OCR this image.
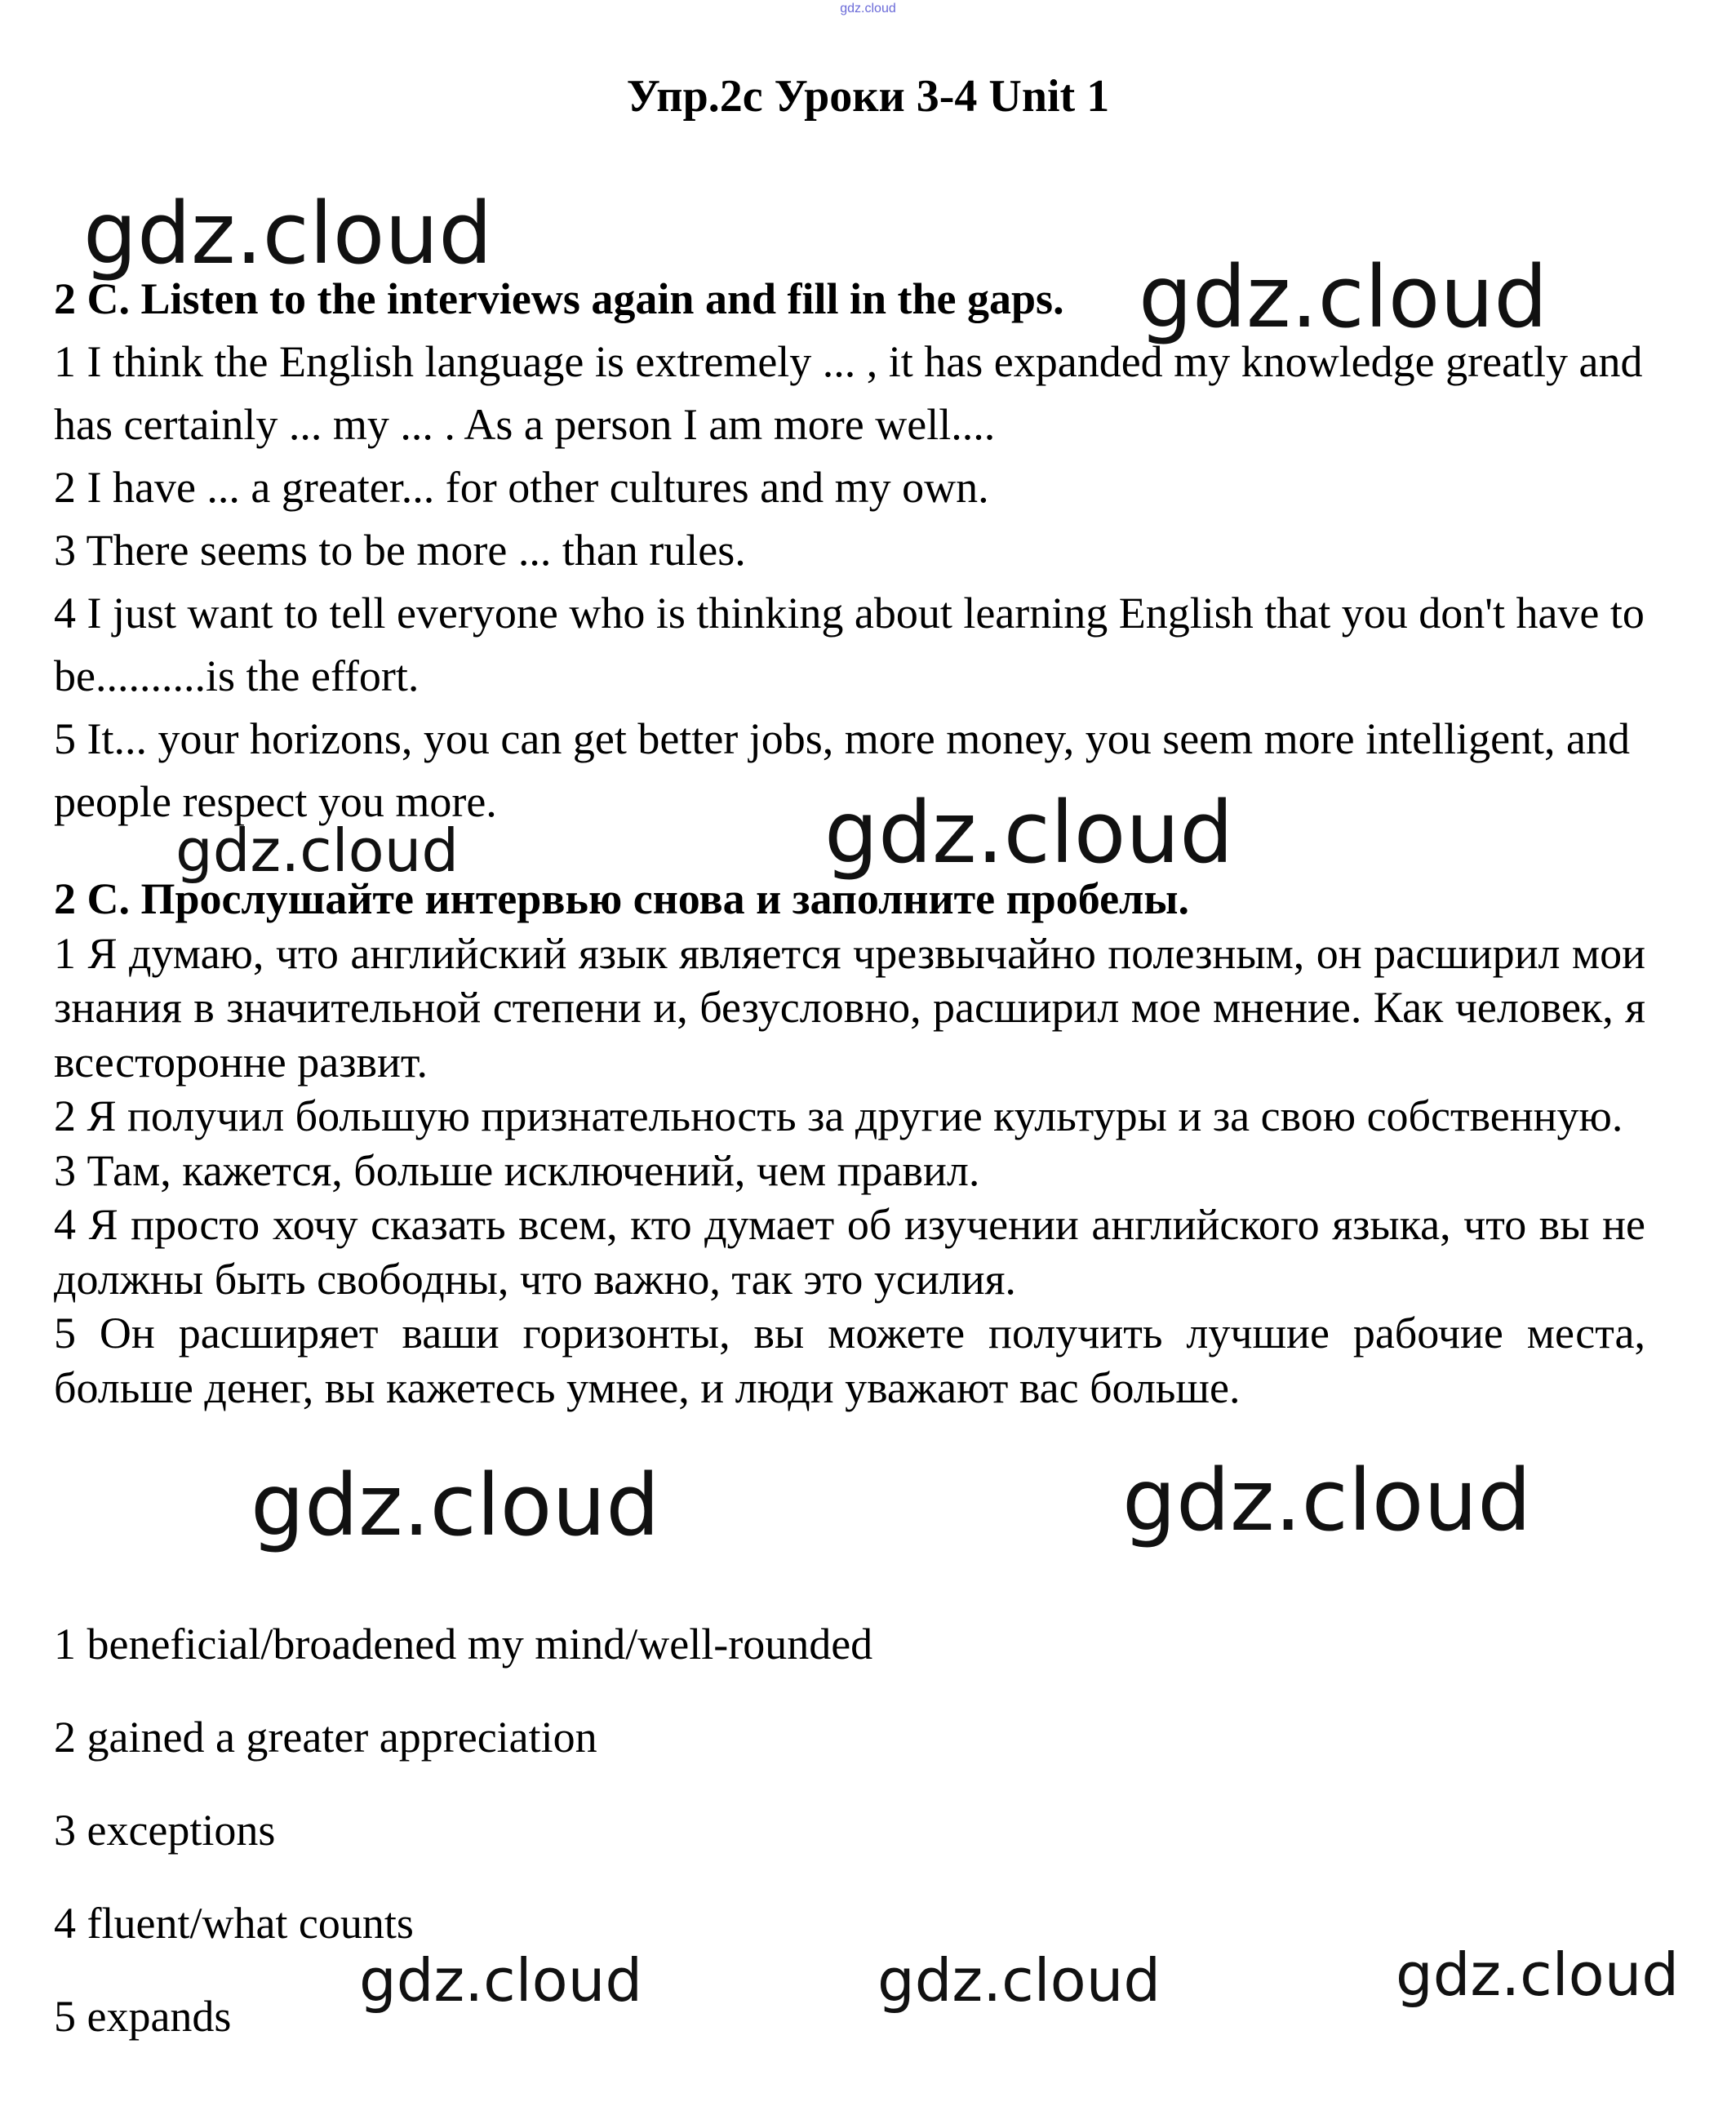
gdz.cloud
Упр.2с Уроки 3-4 Unit 1
2 C. Listen to the interviews again and fill in the gaps.
1 I think the English language is extremely ... , it has expanded my knowledge greatly and has certainly ... my ... . As a person I am more well....
2 I have ... a greater... for other cultures and my own.
3 There seems to be more ... than rules.
4 I just want to tell everyone who is thinking about learning English that you don't have to be..........is the effort.
5 It... your horizons, you can get better jobs, more money, you seem more intelligent, and people respect you more.
2 С. Прослушайте интервью снова и заполните пробелы.
1 Я думаю, что английский язык является чрезвычайно полезным, он расширил мои знания в значительной степени и, безусловно, расширил мое мнение. Как человек, я всесторонне развит.
2 Я получил большую признательность за другие культуры и за свою собственную.
3 Там, кажется, больше исключений, чем правил.
4 Я просто хочу сказать всем, кто думает об изучении английского языка, что вы не должны быть свободны, что важно, так это усилия.
5 Он расширяет ваши горизонты, вы можете получить лучшие рабочие места, больше денег, вы кажетесь умнее, и люди уважают вас больше.
1 beneficial/broadened my mind/well-rounded
2 gained a greater appreciation
3 exceptions
4 fluent/what counts
5 expands
gdz.cloud
gdz.cloud
gdz.cloud	gdz.cloud
gdz.cloud	gdz.cloud
gdz.cloud	gdz.cloud	gdz.cloud
